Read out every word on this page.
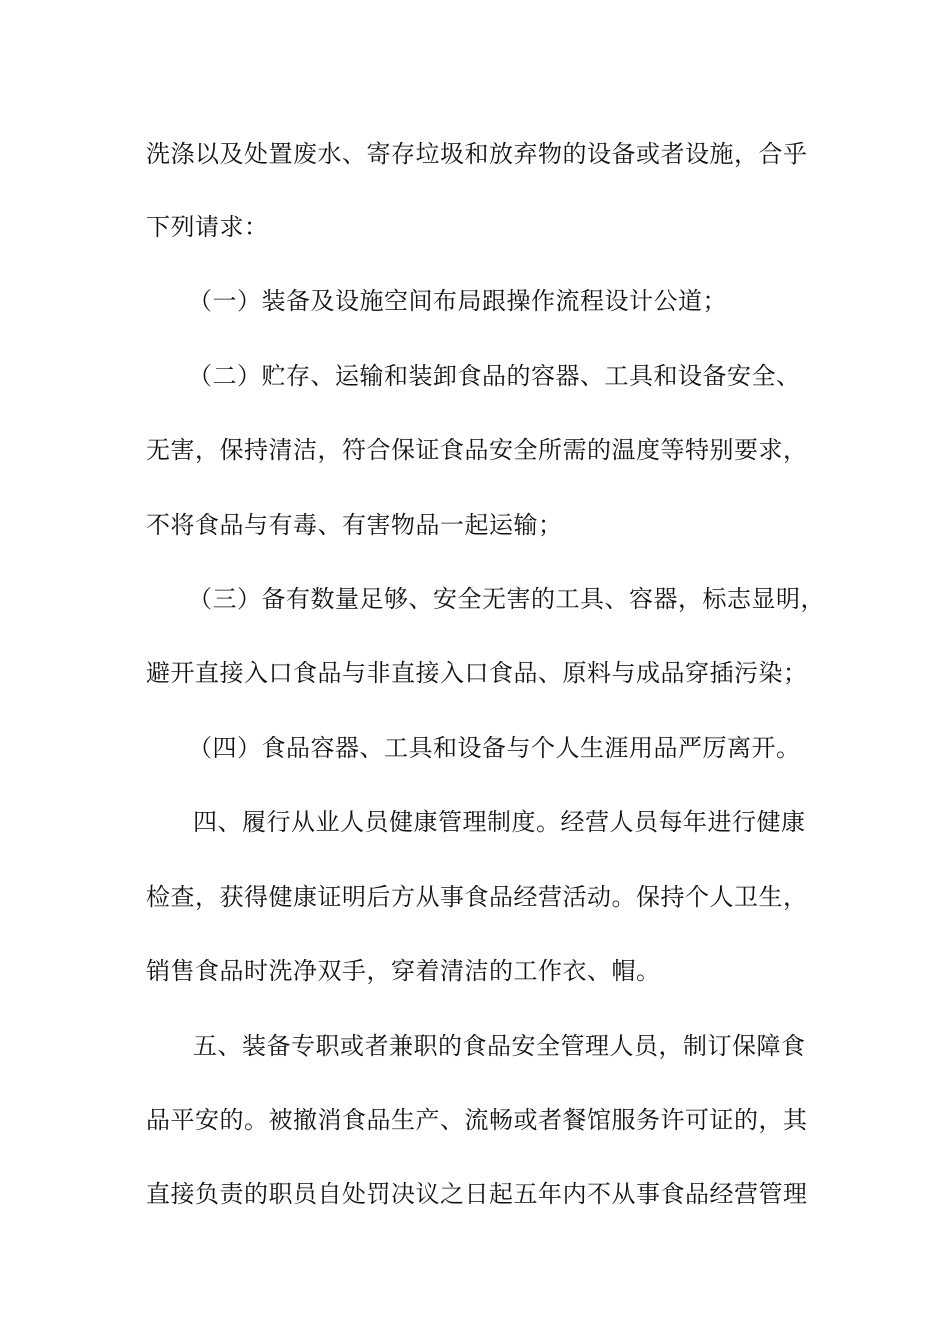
洗涤以及处置废水、寄存垃圾和放弃物的设备或者设施，合乎
下列请求：
（一）装备及设施空间布局跟操作流程设计公道；
（二）贮存、运输和装卸食品的容器、工具和设备安全、
无害，保持清洁，符合保证食品安全所需的温度等特别要求，
不将食品与有毒、有害物品一起运输；
（三）备有数量足够、安全无害的工具、容器，标志显明，
避开直接入口食品与非直接入口食品、原料与成品穿插污染；
（四）食品容器、工具和设备与个人生涯用品严厉离开。
四、履行从业人员健康管理制度。经营人员每年进行健康
检查，获得健康证明后方从事食品经营活动。保持个人卫生，
销售食品时洗净双手，穿着清洁的工作衣、帽。
五、装备专职或者兼职的食品安全管理人员，制订保障食
品平安的。被撤消食品生产、流畅或者餐馆服务许可证的，其
直接负责的职员自处罚决议之日起五年内不从事食品经营管理
